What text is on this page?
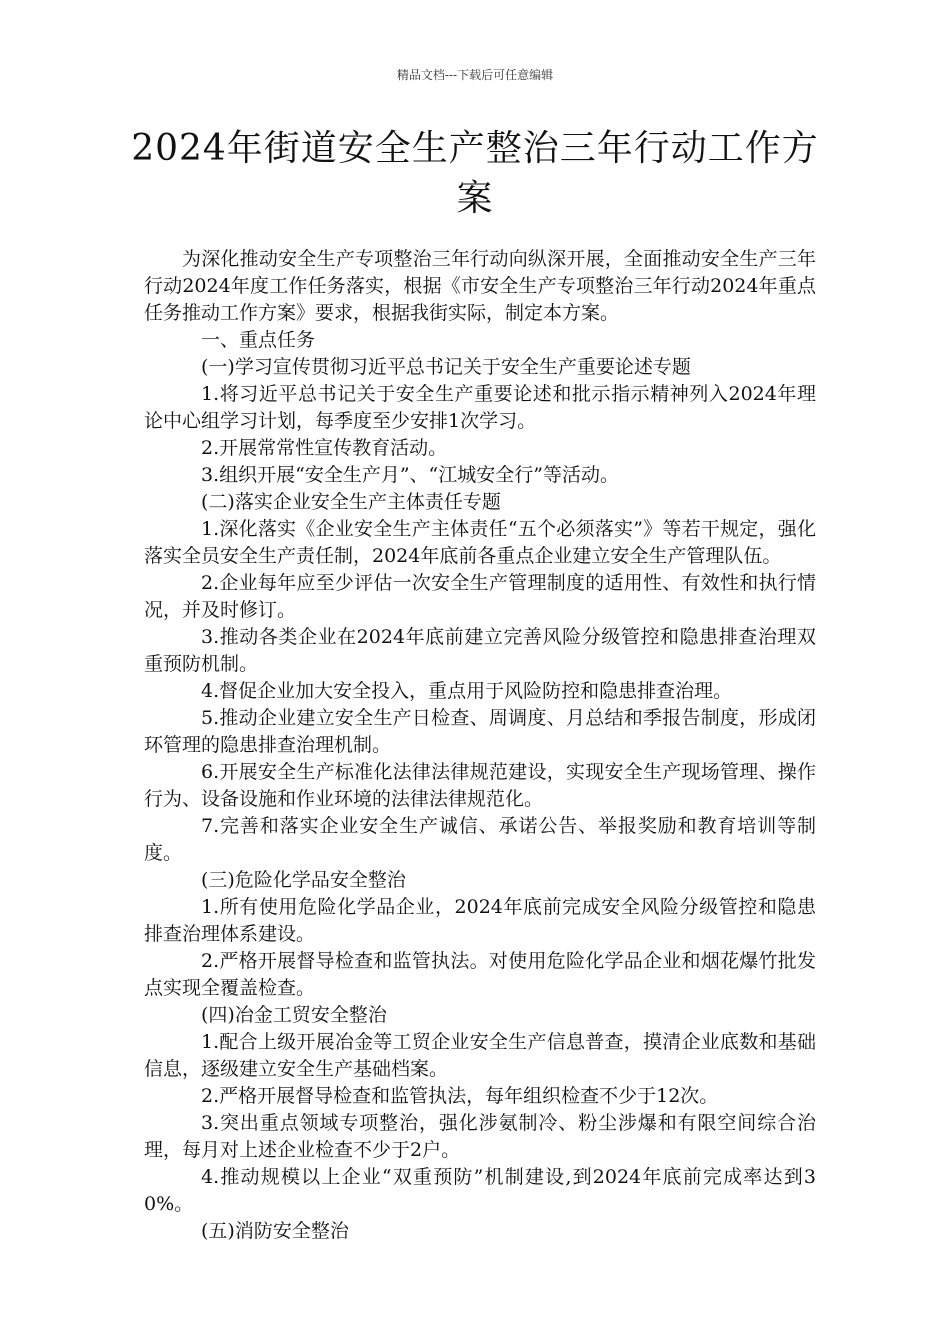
精品文档---下载后可任意编辑
2024年街道安全生产整治三年行动工作方案

为深化推动安全生产专项整治三年行动向纵深开展，全面推动安全生产三年行动2024年度工作任务落实，根据《市安全生产专项整治三年行动2024年重点任务推动工作方案》要求，根据我街实际，制定本方案。

一、重点任务

(一)学习宣传贯彻习近平总书记关于安全生产重要论述专题

1.将习近平总书记关于安全生产重要论述和批示指示精神列入2024年理论中心组学习计划，每季度至少安排1次学习。

2.开展常常性宣传教育活动。

3.组织开展“安全生产月”、“江城安全行”等活动。

(二)落实企业安全生产主体责任专题

1.深化落实《企业安全生产主体责任“五个必须落实”》等若干规定，强化落实全员安全生产责任制，2024年底前各重点企业建立安全生产管理队伍。

2.企业每年应至少评估一次安全生产管理制度的适用性、有效性和执行情况，并及时修订。

3.推动各类企业在2024年底前建立完善风险分级管控和隐患排查治理双重预防机制。

4.督促企业加大安全投入，重点用于风险防控和隐患排查治理。

5.推动企业建立安全生产日检查、周调度、月总结和季报告制度，形成闭环管理的隐患排查治理机制。

6.开展安全生产标准化法律法律规范建设，实现安全生产现场管理、操作行为、设备设施和作业环境的法律法律规范化。

7.完善和落实企业安全生产诚信、承诺公告、举报奖励和教育培训等制度。

(三)危险化学品安全整治

1.所有使用危险化学品企业，2024年底前完成安全风险分级管控和隐患排查治理体系建设。

2.严格开展督导检查和监管执法。对使用危险化学品企业和烟花爆竹批发点实现全覆盖检查。

(四)冶金工贸安全整治

1.配合上级开展冶金等工贸企业安全生产信息普查，摸清企业底数和基础信息，逐级建立安全生产基础档案。

2.严格开展督导检查和监管执法，每年组织检查不少于12次。

3.突出重点领域专项整治，强化涉氨制冷、粉尘涉爆和有限空间综合治理，每月对上述企业检查不少于2户。

4.推动规模以上企业“双重预防”机制建设,到2024年底前完成率达到30%。

(五)消防安全整治
